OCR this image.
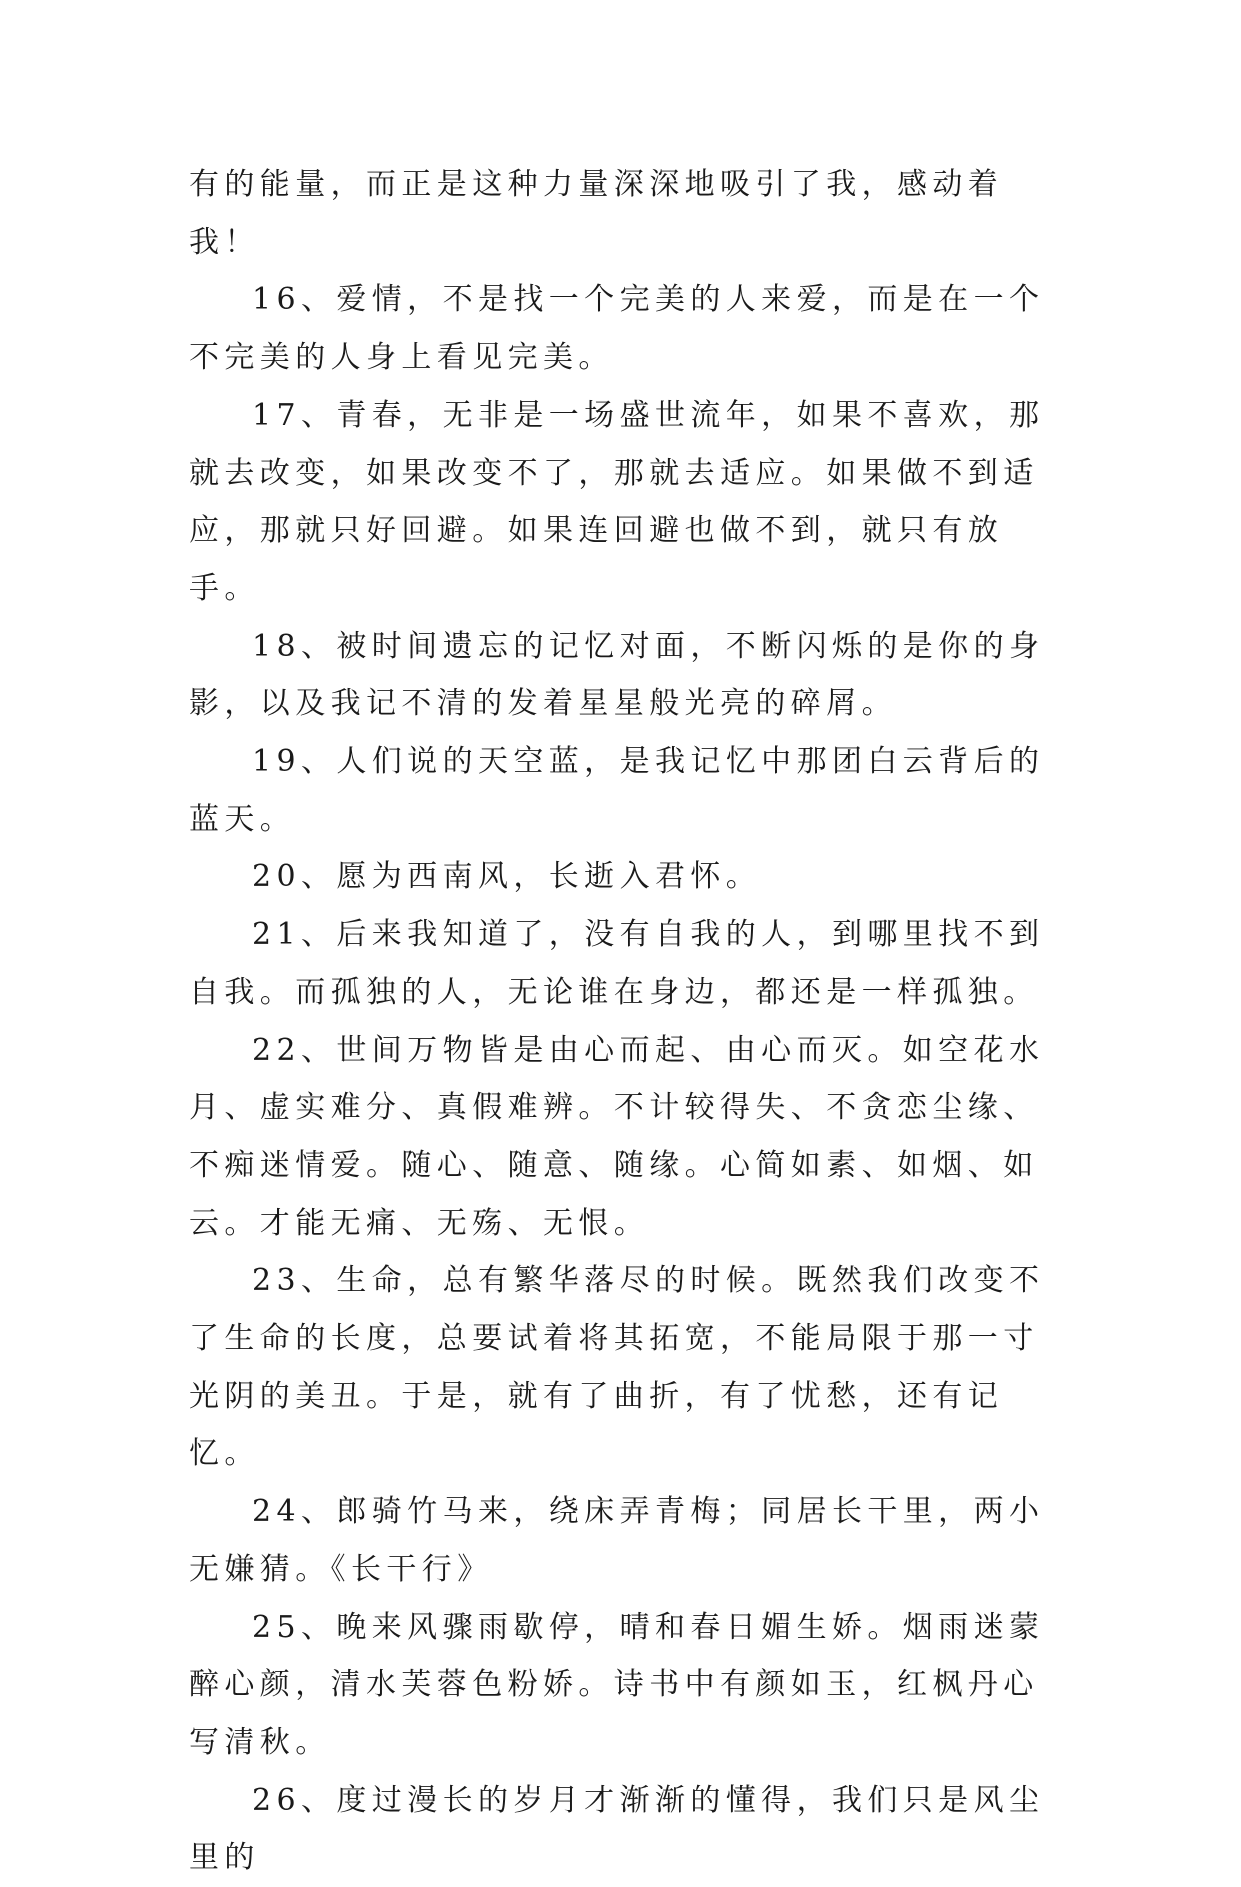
有的能量，而正是这种力量深深地吸引了我，感动着我！

16、爱情，不是找一个完美的人来爱，而是在一个不完美的人身上看见完美。

17、青春，无非是一场盛世流年，如果不喜欢，那就去改变，如果改变不了，那就去适应。如果做不到适应，那就只好回避。如果连回避也做不到，就只有放手。

18、被时间遗忘的记忆对面，不断闪烁的是你的身影，以及我记不清的发着星星般光亮的碎屑。

19、人们说的天空蓝，是我记忆中那团白云背后的蓝天。

20、愿为西南风，长逝入君怀。

21、后来我知道了，没有自我的人，到哪里找不到自我。而孤独的人，无论谁在身边，都还是一样孤独。

22、世间万物皆是由心而起、由心而灭。如空花水月、虚实难分、真假难辨。不计较得失、不贪恋尘缘、不痴迷情爱。随心、随意、随缘。心简如素、如烟、如云。才能无痛、无殇、无恨。

23、生命，总有繁华落尽的时候。既然我们改变不了生命的长度，总要试着将其拓宽，不能局限于那一寸光阴的美丑。于是，就有了曲折，有了忧愁，还有记忆。

24、郎骑竹马来，绕床弄青梅；同居长干里，两小无嫌猜。《长干行》

25、晚来风骤雨歇停，晴和春日媚生娇。烟雨迷蒙醉心颜，清水芙蓉色粉娇。诗书中有颜如玉，红枫丹心写清秋。

26、度过漫长的岁月才渐渐的懂得，我们只是风尘里的
